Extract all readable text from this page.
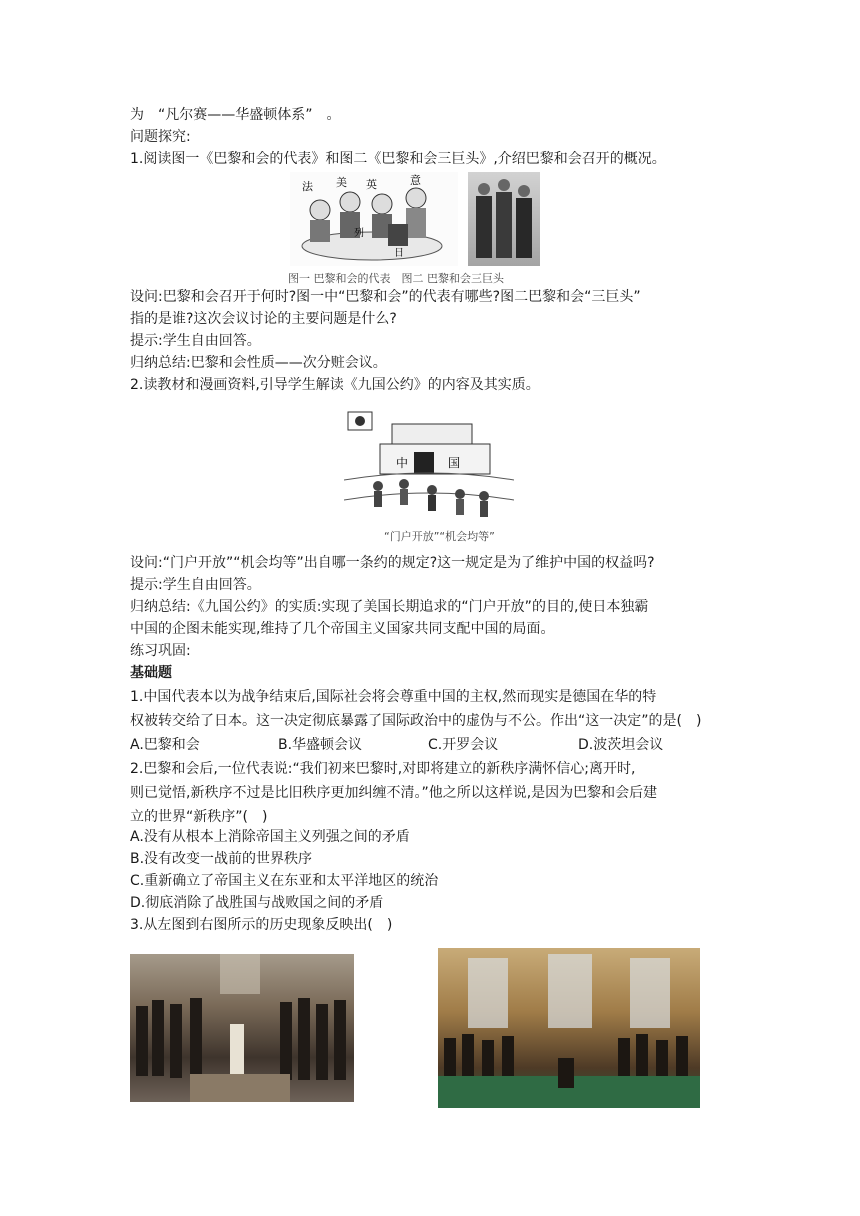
为　“凡尔赛——华盛顿体系”　。
问题探究:
1.阅读图一《巴黎和会的代表》和图二《巴黎和会三巨头》,介绍巴黎和会召开的概况。
法 美 英	意
列
日
图一 巴黎和会的代表　图二 巴黎和会三巨头
设问:巴黎和会召开于何时?图一中“巴黎和会”的代表有哪些?图二巴黎和会“三巨头”
指的是谁?这次会议讨论的主要问题是什么?
提示:学生自由回答。
归纳总结:巴黎和会性质——次分赃会议。
2.读教材和漫画资料,引导学生解读《九国公约》的内容及其实质。
中	国
“门户开放”“机会均等”
设问:“门户开放”“机会均等”出自哪一条约的规定?这一规定是为了维护中国的权益吗?
提示:学生自由回答。
归纳总结:《九国公约》的实质:实现了美国长期追求的“门户开放”的目的,使日本独霸
中国的企图未能实现,维持了几个帝国主义国家共同支配中国的局面。
练习巩固:
基础题
1.中国代表本以为战争结束后,国际社会将会尊重中国的主权,然而现实是德国在华的特
权被转交给了日本。这一决定彻底暴露了国际政治中的虚伪与不公。作出“这一决定”的是(　)
A.巴黎和会	B.华盛顿会议	C.开罗会议	D.波茨坦会议
2.巴黎和会后,一位代表说:“我们初来巴黎时,对即将建立的新秩序满怀信心;离开时,
则已觉悟,新秩序不过是比旧秩序更加纠缠不清。”他之所以这样说,是因为巴黎和会后建
立的世界“新秩序”(　)
A.没有从根本上消除帝国主义列强之间的矛盾
B.没有改变一战前的世界秩序
C.重新确立了帝国主义在东亚和太平洋地区的统治
D.彻底消除了战胜国与战败国之间的矛盾
3.从左图到右图所示的历史现象反映出(　)
